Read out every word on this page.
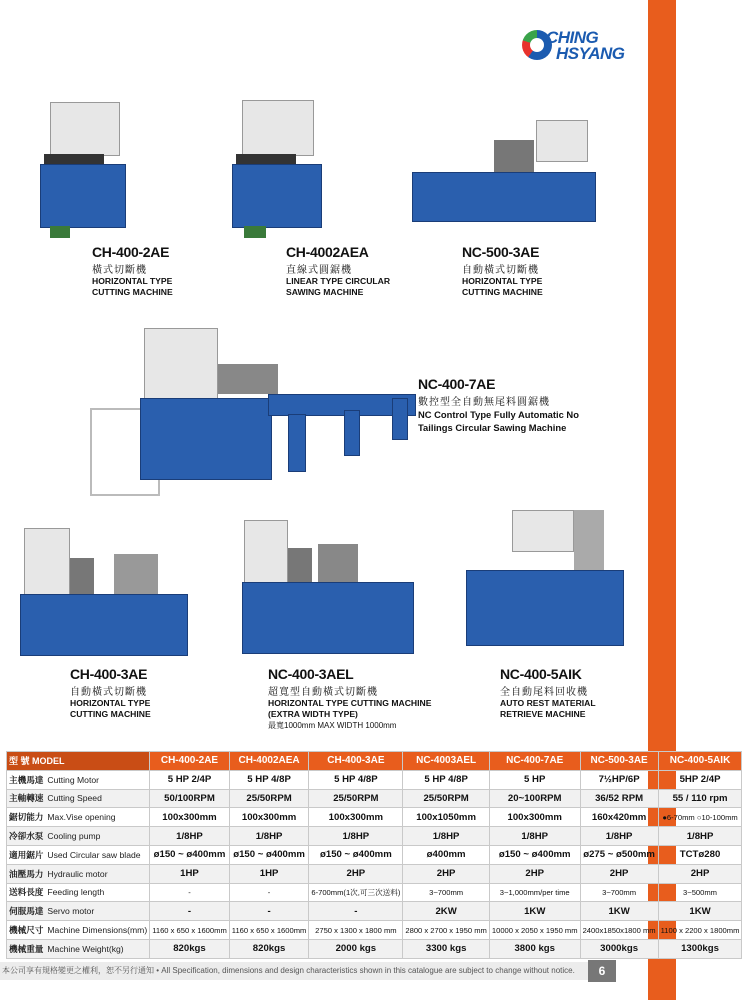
CHING
HSYANG
CH-400-2AE
橫式切斷機
HORIZONTAL TYPE
CUTTING MACHINE
CH-4002AEA
直線式圓鋸機
LINEAR TYPE CIRCULAR
SAWING MACHINE
NC-500-3AE
自動橫式切斷機
HORIZONTAL TYPE
CUTTING MACHINE
NC-400-7AE
數控型全自動無尾料圓鋸機
NC Control Type Fully Automatic No
Tailings Circular Sawing Machine
CH-400-3AE
自動橫式切斷機
HORIZONTAL TYPE
CUTTING MACHINE
NC-400-3AEL
超寬型自動橫式切斷機
HORIZONTAL TYPE CUTTING MACHINE
(EXTRA WIDTH TYPE)
最寬1000mm MAX WIDTH 1000mm
NC-400-5AIK
全自動尾料回收機
AUTO REST MATERIAL
RETRIEVE MACHINE
型 號 MODEL	CH-400-2AE	CH-4002AEA	CH-400-3AE	NC-4003AEL	NC-400-7AE	NC-500-3AE	NC-400-5AIK
主機馬達 Cutting Motor	5 HP 2/4P	5 HP 4/8P	5 HP 4/8P	5 HP 4/8P	5 HP	7½HP/6P	5HP 2/4P
主軸轉速 Cutting Speed	50/100RPM	25/50RPM	25/50RPM	25/50RPM	20~100RPM	36/52 RPM	55 / 110 rpm
鋸切能力 Max.Vise opening	100x300mm	100x300mm	100x300mm	100x1050mm	100x300mm	160x420mm	●6-70mm ○10-100mm
冷卻水泵 Cooling pump	1/8HP	1/8HP	1/8HP	1/8HP	1/8HP	1/8HP	1/8HP
適用鋸片 Used Circular saw blade	ø150 ~ ø400mm	ø150 ~ ø400mm	ø150 ~ ø400mm	ø400mm	ø150 ~ ø400mm	ø275 ~ ø500mm	TCTø280
油壓馬力 Hydraulic motor	1HP	1HP	2HP	2HP	2HP	2HP	2HP
送料長度 Feeding length	-	-	6-700mm(1次,可三次送料)	3~700mm	3~1,000mm/per time	3~700mm	3~500mm
伺服馬達 Servo motor	-	-	-	2KW	1KW	1KW	1KW
機械尺寸 Machine Dimensions(mm)	1160 x 650 x 1600mm	1160 x 650 x 1600mm	2750 x 1300 x 1800 mm	2800 x 2700 x 1950 mm	10000 x 2050 x 1950 mm	2400x1850x1800 mm	1100 x 2200 x 1800mm
機械重量 Machine Weight(kg)	820kgs	820kgs	2000 kgs	3300 kgs	3800 kgs	3000kgs	1300kgs
本公司享有規格變更之權利，恕不另行通知 • All Specification, dimensions and design characteristics shown in this catalogue are subject to change without notice.	6
